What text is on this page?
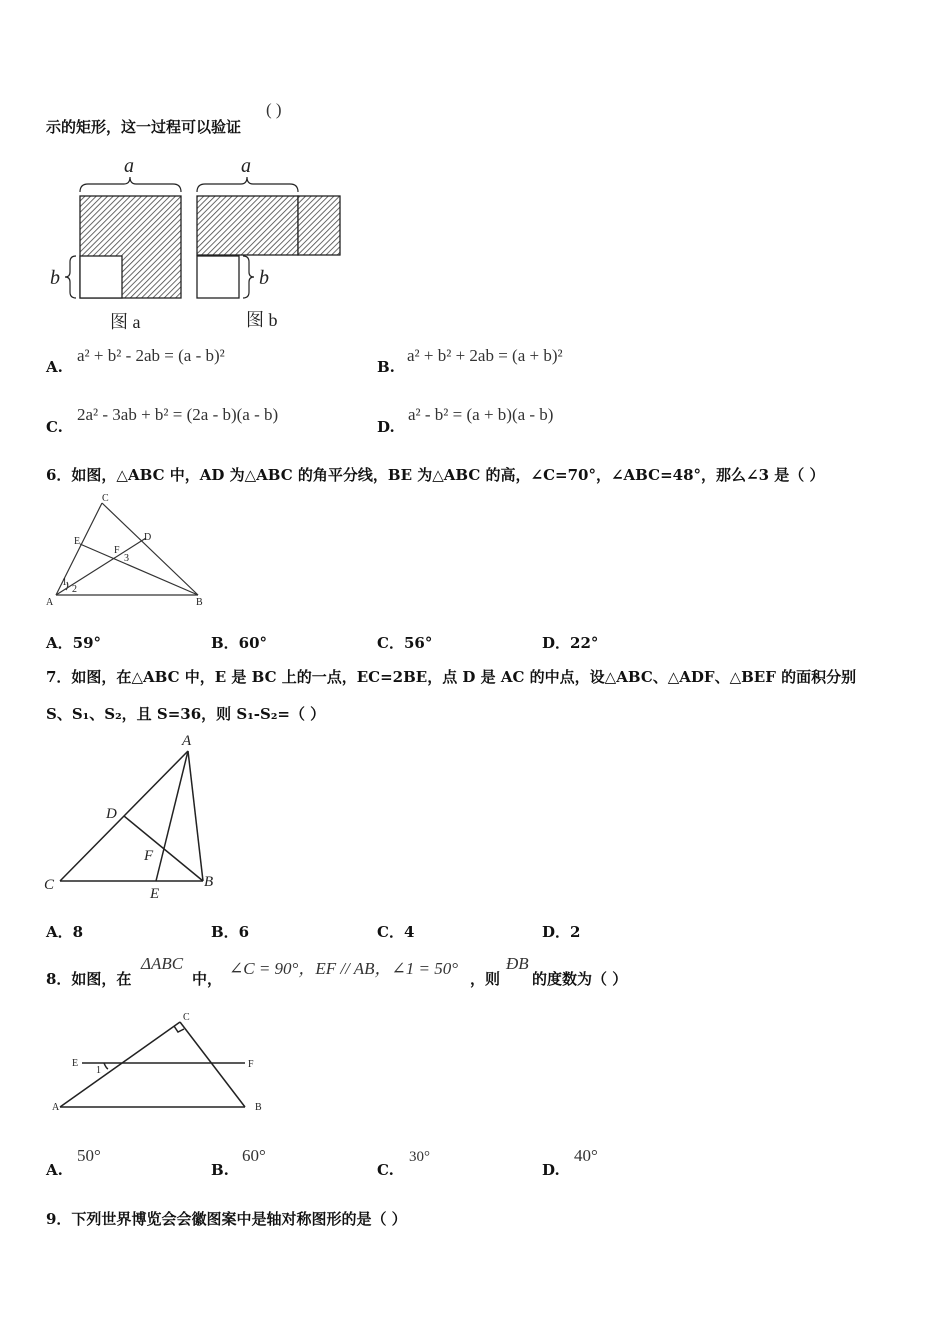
示的矩形，这一过程可以验证
( )
a
b
图 a
a
b
图 b
A.
a² + b² - 2ab = (a - b)²
B.
a² + b² + 2ab = (a + b)²
C.
2a² - 3ab + b² = (2a - b)(a - b)
D.
a² - b² = (a + b)(a - b)
6．如图，△ABC 中，AD 为△ABC 的角平分线，BE 为△ABC 的高，∠C=70°，∠ABC=48°，那么∠3 是（ ）
C
E	D
F
3
1
2
A	B
A．59°	B．60°	C．56°	D．22°
7．如图，在△ABC 中，E 是 BC 上的一点，EC=2BE，点 D 是 AC 的中点，设△ABC、△ADF、△BEF 的面积分别
S、S₁、S₂，且 S=36，则 S₁-S₂=（ ）
A
D
F
C
E
B
A．8	B．6	C．4	D．2
8．如图，在
ΔABC
中，
∠C = 90°，EF // AB，∠1 = 50°
，则
ÐB
的度数为（ ）
C
E	F
1
A	B
A.
50°
B.
60°
C.
30°
D.
40°
9．下列世界博览会会徽图案中是轴对称图形的是（ ）
